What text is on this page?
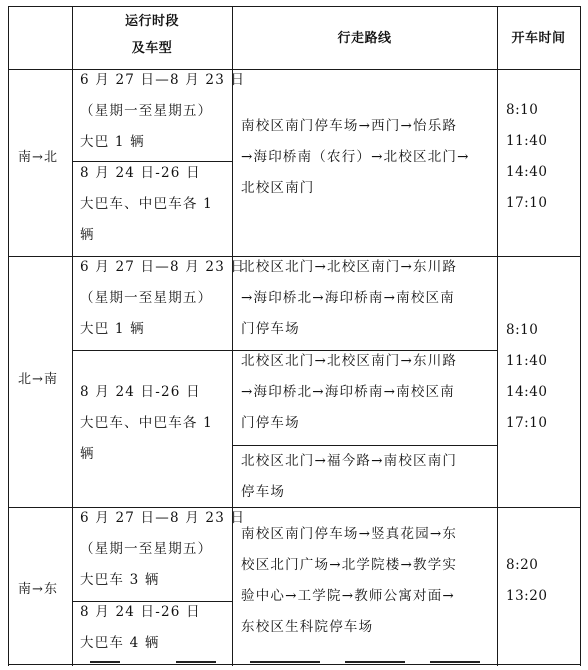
运行时段
及车型
行走路线	开车时间
南→北
6 月 27 日—8 月 23 日
（星期一至星期五）
大巴 1 辆
8 月 24 日-26 日
大巴车、中巴车各 1
辆
南校区南门停车场→西门→怡乐路
→海印桥南（农行）→北校区北门→
北校区南门
8:10
11:40
14:40
17:10
北→南
6 月 27 日—8 月 23 日
（星期一至星期五）
大巴 1 辆
8 月 24 日-26 日
大巴车、中巴车各 1
辆
北校区北门→北校区南门→东川路
→海印桥北→海印桥南→南校区南
门停车场
北校区北门→北校区南门→东川路
→海印桥北→海印桥南→南校区南
门停车场
北校区北门→福今路→南校区南门
停车场
8:10
11:40
14:40
17:10
南→东
6 月 27 日—8 月 23 日
（星期一至星期五）
大巴车 3 辆
8 月 24 日-26 日
大巴车 4 辆
南校区南门停车场→竖真花园→东
校区北门广场→北学院楼→教学实
验中心→工学院→教师公寓对面→
东校区生科院停车场
8:20
13:20
